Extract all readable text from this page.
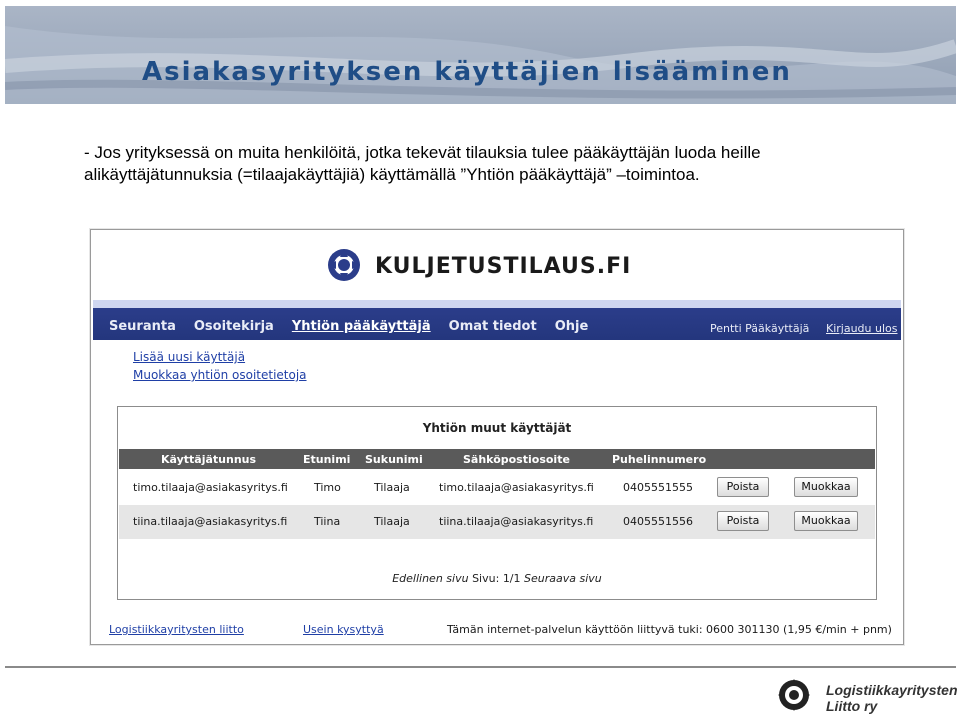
Asiakasyrityksen käyttäjien lisääminen
- Jos yrityksessä on muita henkilöitä, jotka tekevät tilauksia tulee pääkäyttäjän luoda heille alikäyttäjätunnuksia (=tilaajakäyttäjiä) käyttämällä ”Yhtiön pääkäyttäjä” –toimintoa.
KULJETUSTILAUS.FI
Seuranta Osoitekirja Yhtiön pääkäyttäjä Omat tiedot Ohje	Pentti Pääkäyttäjä Kirjaudu ulos
Lisää uusi käyttäjä
Muokkaa yhtiön osoitetietoja
Yhtiön muut käyttäjät
Käyttäjätunnus	Etunimi Sukunimi	Sähköpostiosoite	Puhelinnumero
timo.tilaaja@asiakasyritys.fi Timo	Tilaaja	timo.tilaaja@asiakasyritys.fi	0405551555	Poista	Muokkaa
tiina.tilaaja@asiakasyritys.fi Tiina	Tilaaja	tiina.tilaaja@asiakasyritys.fi	0405551556	Poista	Muokkaa
Edellinen sivu Sivu: 1/1 Seuraava sivu
Logistiikkayritysten liitto	Usein kysyttyä	Tämän internet-palvelun käyttöön liittyvä tuki: 0600 301130 (1,95 €/min + pnm)
Logistiikkayritysten
Liitto ry
